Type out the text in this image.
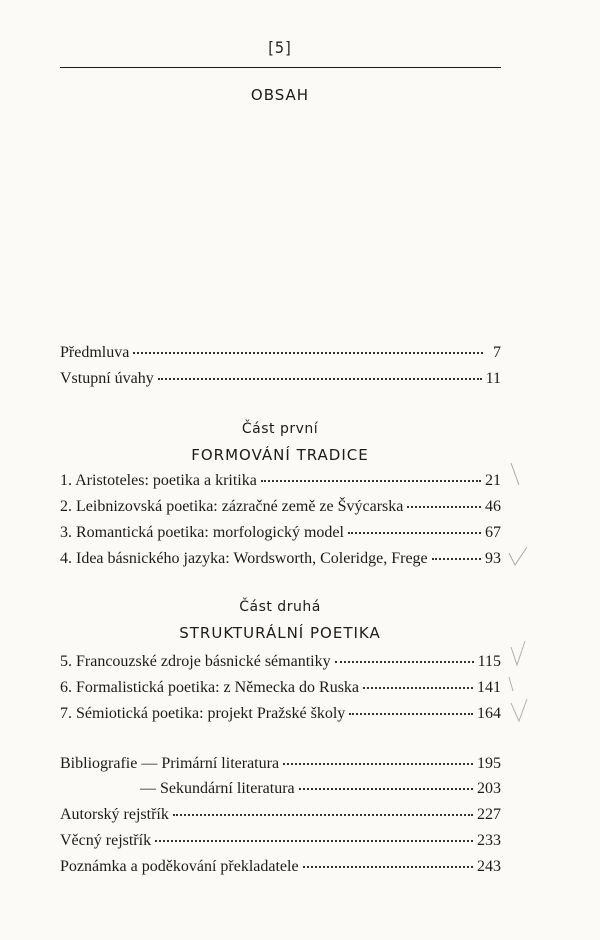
[5]
OBSAH
Předmluva	7
Vstupní úvahy	11
Část první
FORMOVÁNÍ TRADICE
1. Aristoteles: poetika a kritika	21
2. Leibnizovská poetika: zázračné země ze Švýcarska	46
3. Romantická poetika: morfologický model	67
4. Idea básnického jazyka: Wordsworth, Coleridge, Frege	93
Část druhá
STRUKTURÁLNÍ POETIKA
5. Francouzské zdroje básnické sémantiky	115
6. Formalistická poetika: z Německa do Ruska	141
7. Sémiotická poetika: projekt Pražské školy	164
Bibliografie — Primární literatura	195
— Sekundární literatura	203
Autorský rejstřík	227
Věcný rejstřík	233
Poznámka a poděkování překladatele	243
